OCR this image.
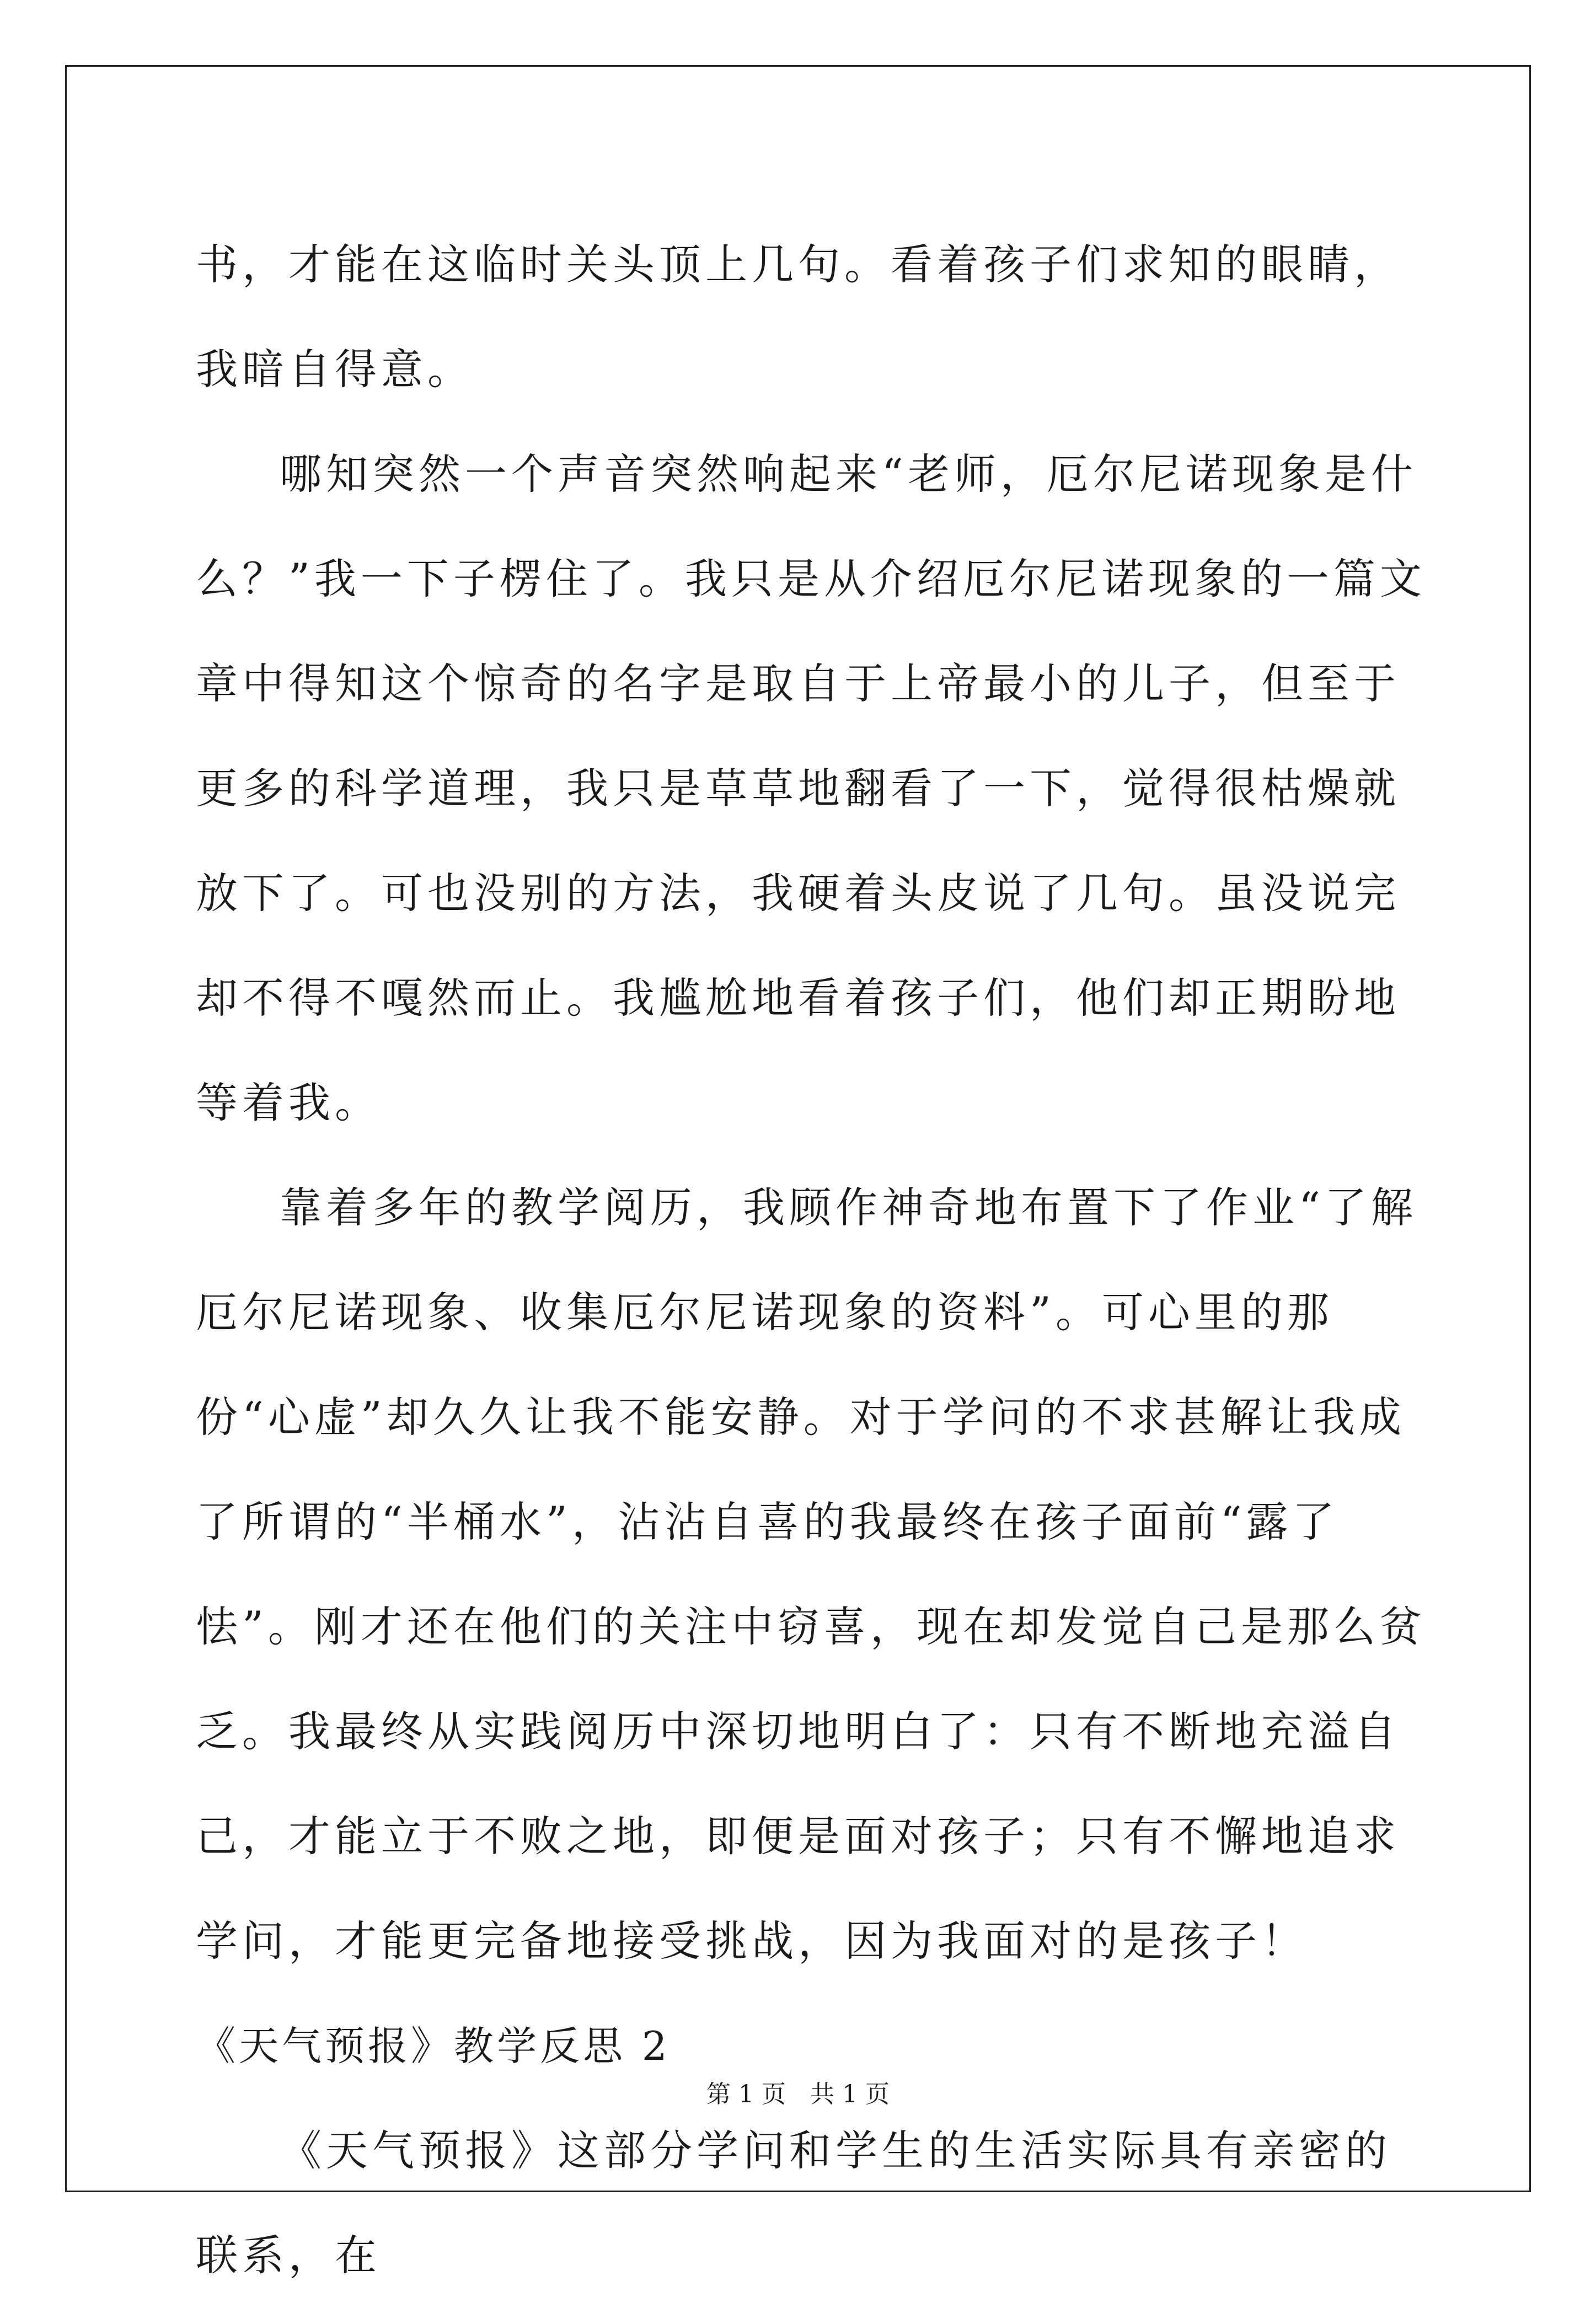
书，才能在这临时关头顶上几句。看着孩子们求知的眼睛，我暗自得意。

哪知突然一个声音突然响起来“老师，厄尔尼诺现象是什么？”我一下子楞住了。我只是从介绍厄尔尼诺现象的一篇文章中得知这个惊奇的名字是取自于上帝最小的儿子，但至于更多的科学道理，我只是草草地翻看了一下，觉得很枯燥就放下了。可也没别的方法，我硬着头皮说了几句。虽没说完却不得不嘎然而止。我尴尬地看着孩子们，他们却正期盼地等着我。

靠着多年的教学阅历，我顾作神奇地布置下了作业“了解厄尔尼诺现象、收集厄尔尼诺现象的资料”。可心里的那份“心虚”却久久让我不能安静。对于学问的不求甚解让我成了所谓的“半桶水”，沾沾自喜的我最终在孩子面前“露了怯”。刚才还在他们的关注中窃喜，现在却发觉自己是那么贫乏。我最终从实践阅历中深切地明白了：只有不断地充溢自己，才能立于不败之地，即便是面对孩子；只有不懈地追求学问，才能更完备地接受挑战，因为我面对的是孩子！

《天气预报》教学反思 2

《天气预报》这部分学问和学生的生活实际具有亲密的联系，在

第 1 页 共 1 页
